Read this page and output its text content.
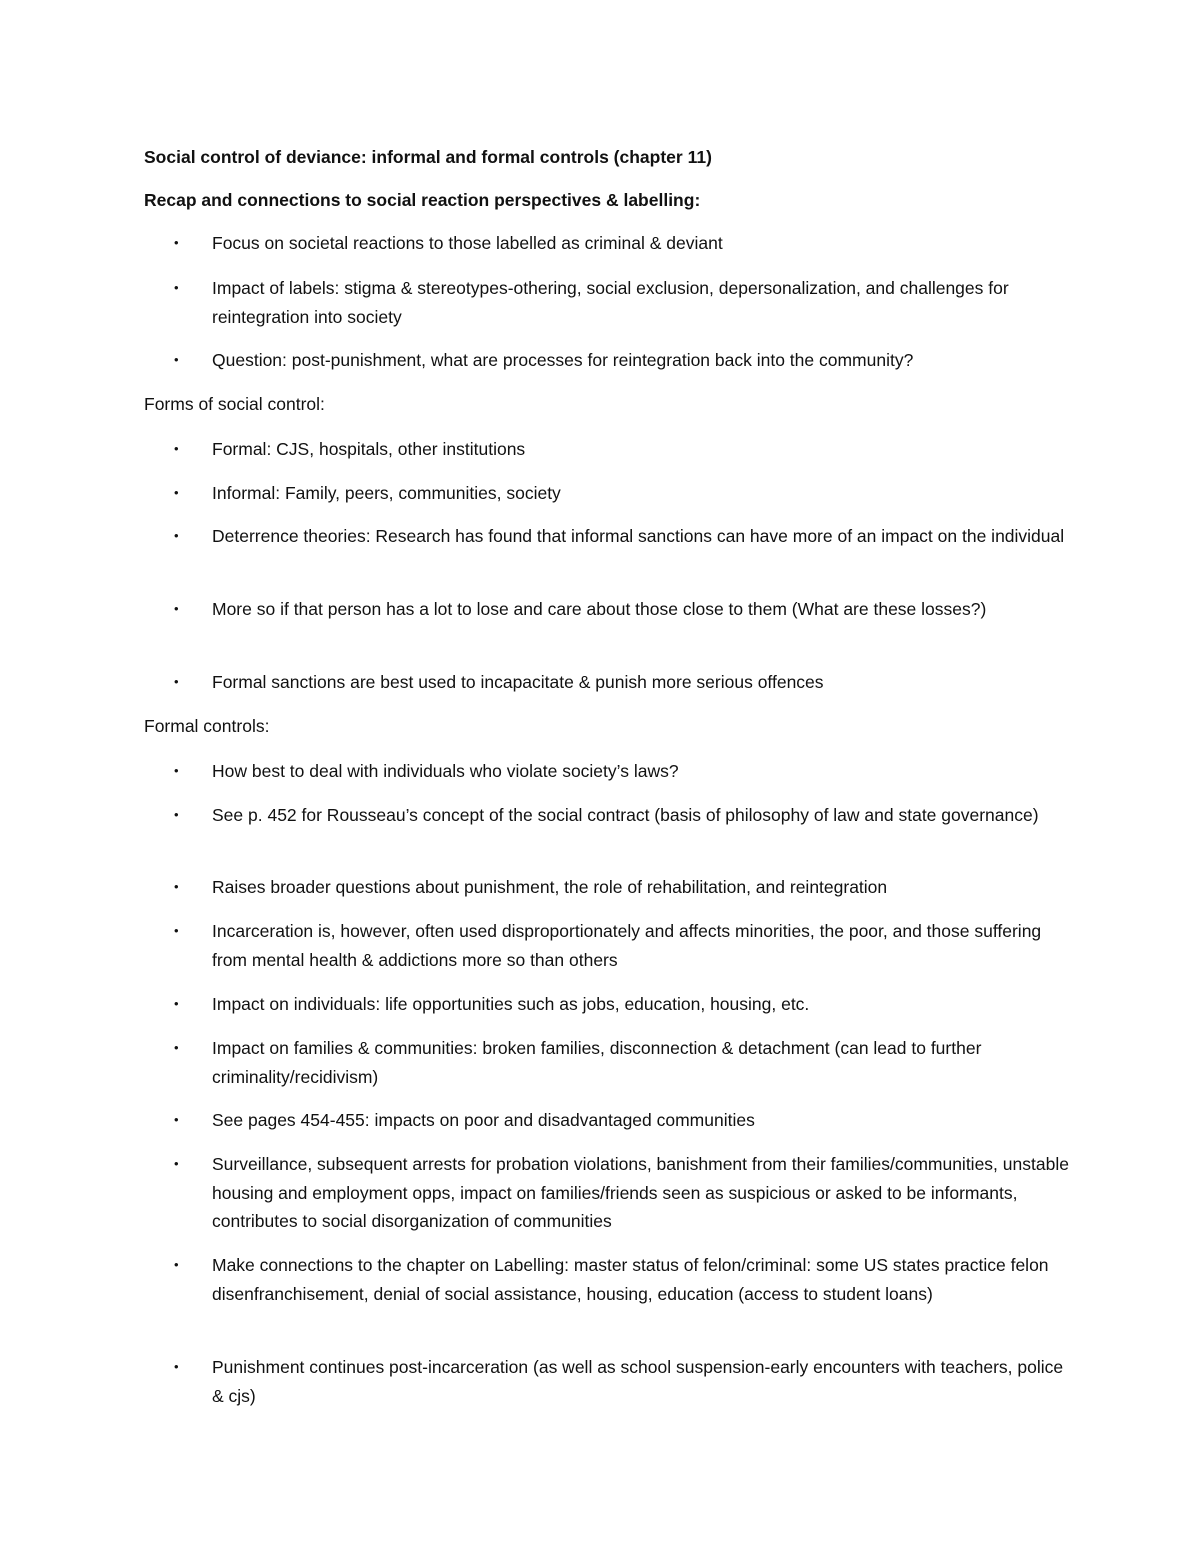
Social control of deviance: informal and formal controls (chapter 11)
Recap and connections to social reaction perspectives & labelling:
• Focus on societal reactions to those labelled as criminal & deviant
• Impact of labels: stigma & stereotypes-othering, social exclusion, depersonalization, and challenges for reintegration into society
• Question: post-punishment, what are processes for reintegration back into the community?
Forms of social control:
• Formal: CJS, hospitals, other institutions
• Informal: Family, peers, communities, society
• Deterrence theories: Research has found that informal sanctions can have more of an impact on the individual
• More so if that person has a lot to lose and care about those close to them (What are these losses?)
• Formal sanctions are best used to incapacitate & punish more serious offences
Formal controls:
• How best to deal with individuals who violate society’s laws?
• See p. 452 for Rousseau’s concept of the social contract (basis of philosophy of law and state governance)
• Raises broader questions about punishment, the role of rehabilitation, and reintegration
• Incarceration is, however, often used disproportionately and affects minorities, the poor, and those suffering from mental health & addictions more so than others
• Impact on individuals: life opportunities such as jobs, education, housing, etc.
• Impact on families & communities: broken families, disconnection & detachment (can lead to further criminality/recidivism)
• See pages 454-455: impacts on poor and disadvantaged communities
• Surveillance, subsequent arrests for probation violations, banishment from their families/communities, unstable housing and employment opps, impact on families/friends seen as suspicious or asked to be informants, contributes to social disorganization of communities
• Make connections to the chapter on Labelling: master status of felon/criminal: some US states practice felon disenfranchisement, denial of social assistance, housing, education (access to student loans)
• Punishment continues post-incarceration (as well as school suspension-early encounters with teachers, police & cjs)
